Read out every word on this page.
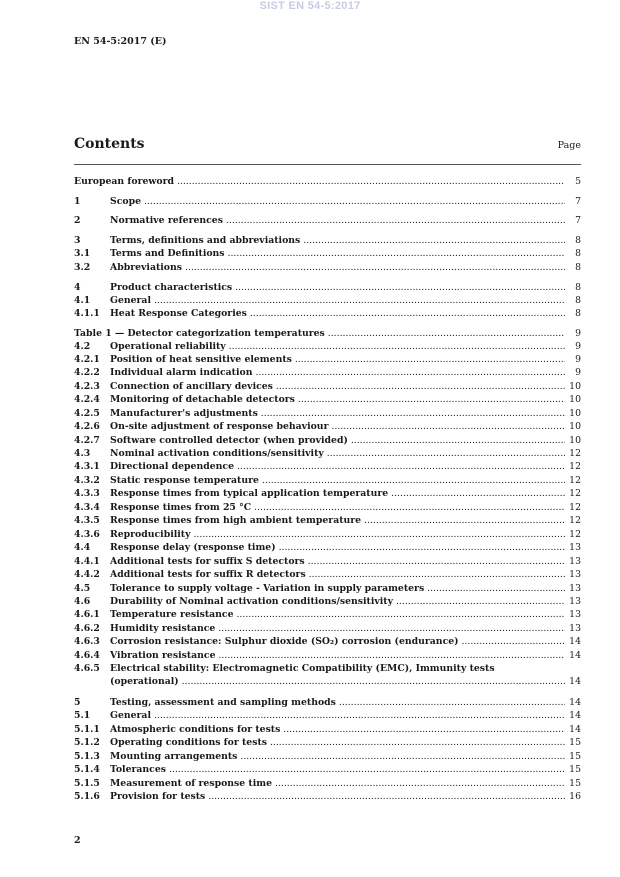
SIST EN 54-5:2017
EN 54-5:2017 (E)
Contents	Page
European foreword .....	5
1	Scope .....	7
2	Normative references .....	7
3	Terms, definitions and abbreviations .....	8
3.1 Terms and Definitions .....	8
3.2 Abbreviations .....	8
4	Product characteristics .....	8
4.1 General .....	8
4.1.1 Heat Response Categories .....	8
Table 1 — Detector categorization temperatures .....	9
4.2 Operational reliability .....	9
4.2.1 Position of heat sensitive elements .....	9
4.2.2 Individual alarm indication .....	9
4.2.3 Connection of ancillary devices .....	10
4.2.4 Monitoring of detachable detectors .....	10
4.2.5 Manufacturer's adjustments .....	10
4.2.6 On-site adjustment of response behaviour .....	10
4.2.7 Software controlled detector (when provided) .....	10
4.3 Nominal activation conditions/sensitivity .....	12
4.3.1 Directional dependence .....	12
4.3.2 Static response temperature .....	12
4.3.3 Response times from typical application temperature .....	12
4.3.4 Response times from 25 °C .....	12
4.3.5 Response times from high ambient temperature .....	12
4.3.6 Reproducibility .....	12
4.4 Response delay (response time) .....	13
4.4.1 Additional tests for suffix S detectors .....	13
4.4.2 Additional tests for suffix R detectors .....	13
4.5 Tolerance to supply voltage - Variation in supply parameters .....	13
4.6 Durability of Nominal activation conditions/sensitivity .....	13
4.6.1 Temperature resistance .....	13
4.6.2 Humidity resistance .....	13
4.6.3 Corrosion resistance: Sulphur dioxide (SO₂) corrosion (endurance) .....	14
4.6.4 Vibration resistance .....	14
4.6.5 Electrical stability: Electromagnetic Compatibility (EMC), Immunity tests
(operational) .....	14
5	Testing, assessment and sampling methods .....	14
5.1 General .....	14
5.1.1 Atmospheric conditions for tests .....	14
5.1.2 Operating conditions for tests .....	15
5.1.3 Mounting arrangements .....	15
5.1.4 Tolerances .....	15
5.1.5 Measurement of response time .....	15
5.1.6 Provision for tests .....	16
2
